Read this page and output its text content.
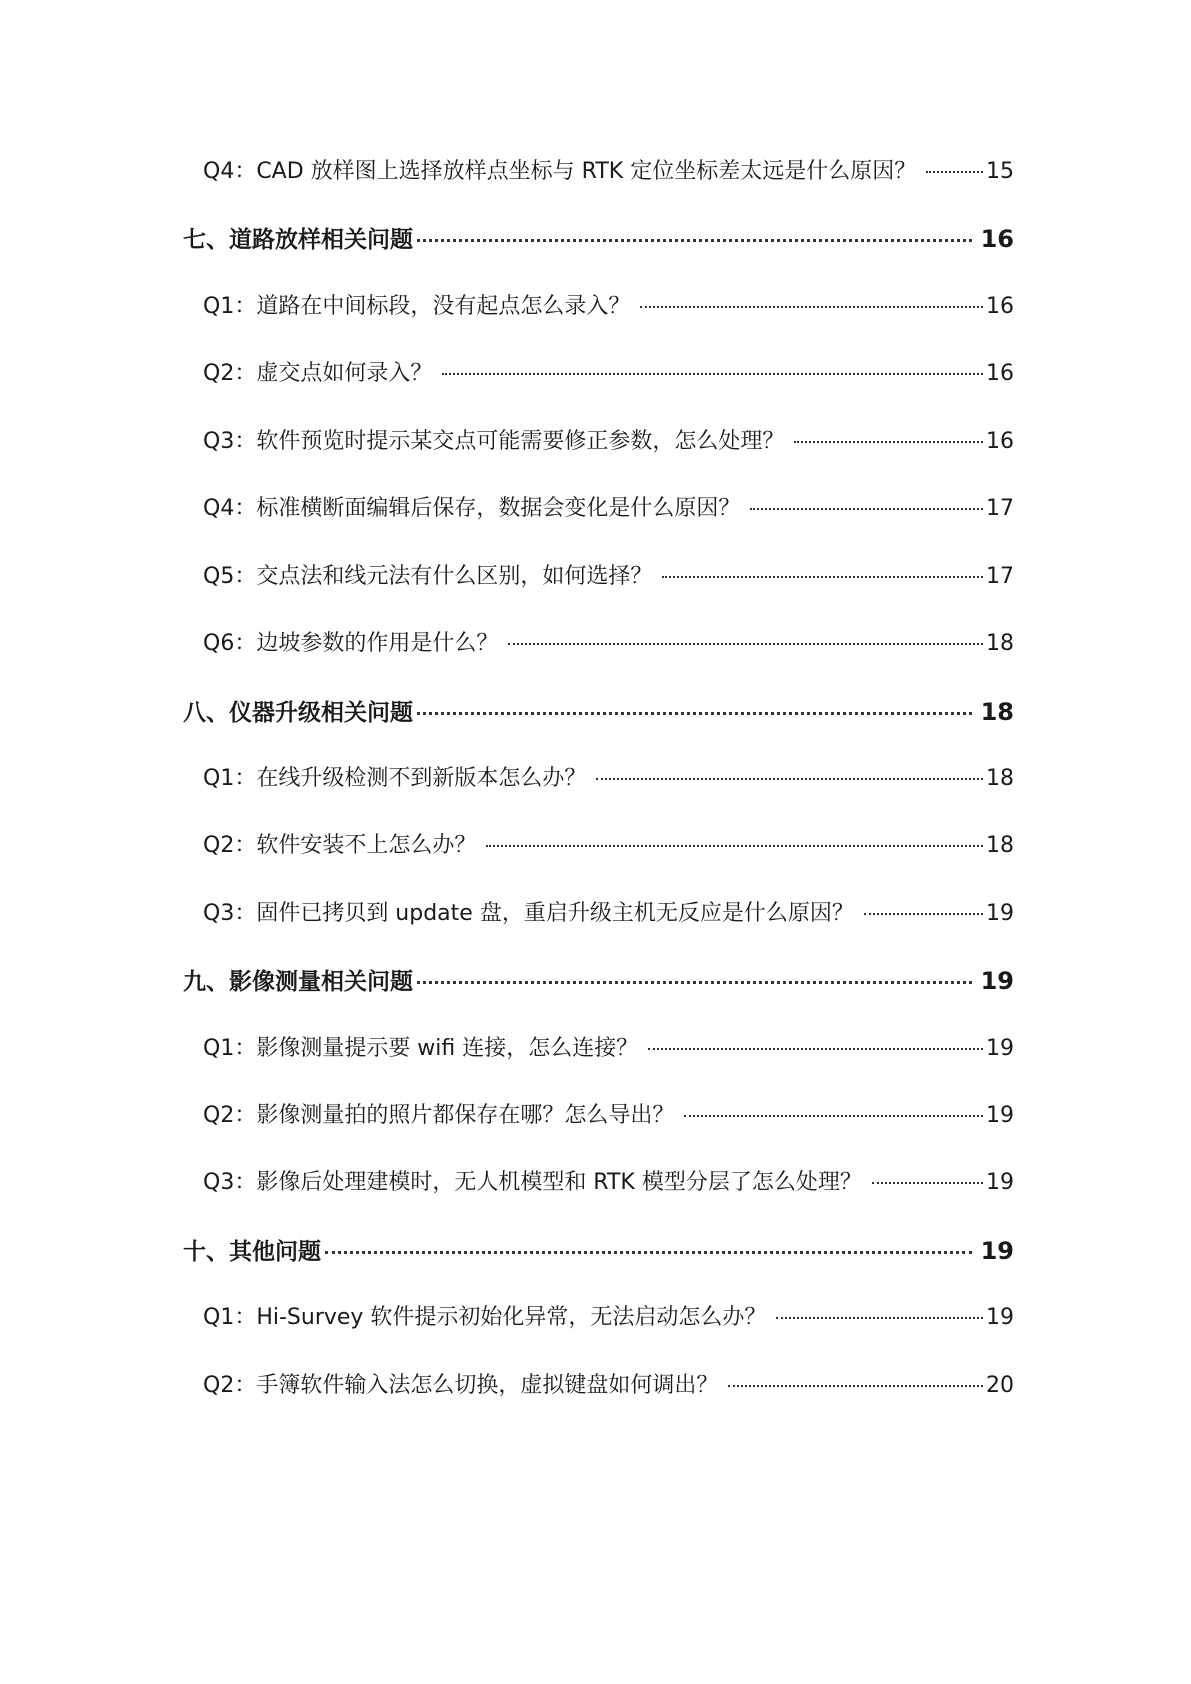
Q4：CAD 放样图上选择放样点坐标与 RTK 定位坐标差太远是什么原因？	15
七、道路放样相关问题	16
Q1：道路在中间标段，没有起点怎么录入？	16
Q2：虚交点如何录入？	16
Q3：软件预览时提示某交点可能需要修正参数，怎么处理？	16
Q4：标准横断面编辑后保存，数据会变化是什么原因？	17
Q5：交点法和线元法有什么区别，如何选择？	17
Q6：边坡参数的作用是什么？	18
八、仪器升级相关问题	18
Q1：在线升级检测不到新版本怎么办？	18
Q2：软件安装不上怎么办？	18
Q3：固件已拷贝到 update 盘，重启升级主机无反应是什么原因？	19
九、影像测量相关问题	19
Q1：影像测量提示要 wifi 连接，怎么连接？	19
Q2：影像测量拍的照片都保存在哪？怎么导出？	19
Q3：影像后处理建模时，无人机模型和 RTK 模型分层了怎么处理？	19
十、其他问题	19
Q1：Hi-Survey 软件提示初始化异常，无法启动怎么办？	19
Q2：手簿软件输入法怎么切换，虚拟键盘如何调出？	20
